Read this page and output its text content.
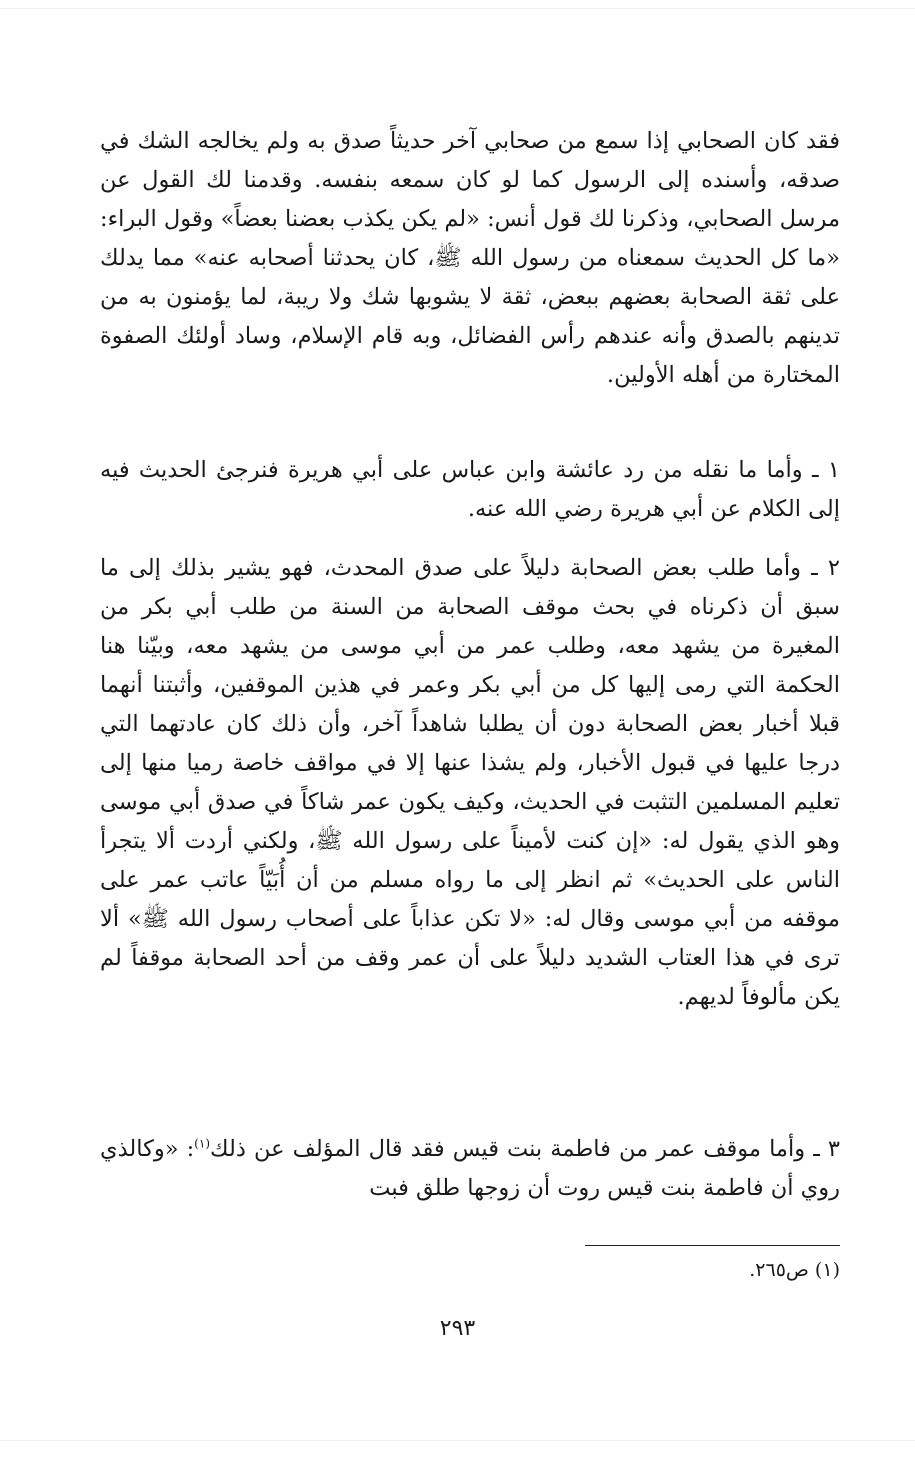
فقد كان الصحابي إذا سمع من صحابي آخر حديثاً صدق به ولم يخالجه الشك في صدقه، وأسنده إلى الرسول كما لو كان سمعه بنفسه. وقدمنا لك القول عن مرسل الصحابي، وذكرنا لك قول أنس: «لم يكن يكذب بعضنا بعضاً» وقول البراء: «ما كل الحديث سمعناه من رسول الله ﷺ، كان يحدثنا أصحابه عنه» مما يدلك على ثقة الصحابة بعضهم ببعض، ثقة لا يشوبها شك ولا ريبة، لما يؤمنون به من تدينهم بالصدق وأنه عندهم رأس الفضائل، وبه قام الإسلام، وساد أولئك الصفوة المختارة من أهله الأولين.

١ ـ وأما ما نقله من رد عائشة وابن عباس على أبي هريرة فنرجئ الحديث فيه إلى الكلام عن أبي هريرة رضي الله عنه.

٢ ـ وأما طلب بعض الصحابة دليلاً على صدق المحدث، فهو يشير بذلك إلى ما سبق أن ذكرناه في بحث موقف الصحابة من السنة من طلب أبي بكر من المغيرة من يشهد معه، وطلب عمر من أبي موسى من يشهد معه، وبيّنا هنا الحكمة التي رمى إليها كل من أبي بكر وعمر في هذين الموقفين، وأثبتنا أنهما قبلا أخبار بعض الصحابة دون أن يطلبا شاهداً آخر، وأن ذلك كان عادتهما التي درجا عليها في قبول الأخبار، ولم يشذا عنها إلا في مواقف خاصة رميا منها إلى تعليم المسلمين التثبت في الحديث، وكيف يكون عمر شاكاً في صدق أبي موسى وهو الذي يقول له: «إن كنت لأميناً على رسول الله ﷺ، ولكني أردت ألا يتجرأ الناس على الحديث» ثم انظر إلى ما رواه مسلم من أن أُبَيّاً عاتب عمر على موقفه من أبي موسى وقال له: «لا تكن عذاباً على أصحاب رسول الله ﷺ» ألا ترى في هذا العتاب الشديد دليلاً على أن عمر وقف من أحد الصحابة موقفاً لم يكن مألوفاً لديهم.

٣ ـ وأما موقف عمر من فاطمة بنت قيس فقد قال المؤلف عن ذلك$^{(١)}$: «وكالذي روي أن فاطمة بنت قيس روت أن زوجها طلق فبت

(١) ص٢٦٥.
٢٩٣
